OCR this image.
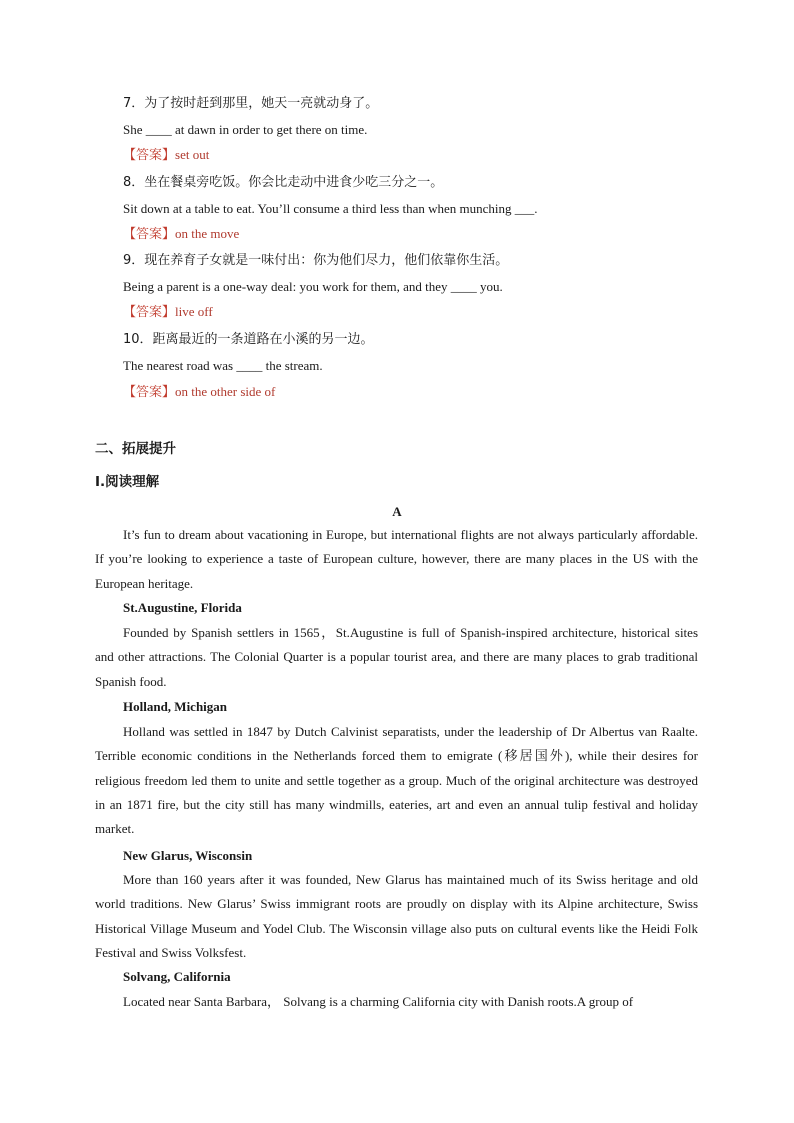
7．为了按时赶到那里，她天一亮就动身了。
She ____ at dawn in order to get there on time.
【答案】set out
8．坐在餐桌旁吃饭。你会比走动中进食少吃三分之一。
Sit down at a table to eat. You’ll consume a third less than when munching ___.
【答案】on the move
9．现在养育子女就是一味付出：你为他们尽力，他们依靠你生活。
Being a parent is a one-way deal: you work for them, and they ____ you.
【答案】live off
10．距离最近的一条道路在小溪的另一边。
The nearest road was ____ the stream.
【答案】on the other side of
二、拓展提升
I.阅读理解
A
It’s fun to dream about vacationing in Europe, but international flights are not always particularly affordable. If you’re looking to experience a taste of European culture, however, there are many places in the US with the European heritage.
St.Augustine, Florida
Founded by Spanish settlers in 1565，St.Augustine is full of Spanish-inspired architecture, historical sites and other attractions. The Colonial Quarter is a popular tourist area, and there are many places to grab traditional Spanish food.
Holland, Michigan
Holland was settled in 1847 by Dutch Calvinist separatists, under the leadership of Dr Albertus van Raalte. Terrible economic conditions in the Netherlands forced them to emigrate (移居国外), while their desires for religious freedom led them to unite and settle together as a group. Much of the original architecture was destroyed in an 1871 fire, but the city still has many windmills, eateries, art and even an annual tulip festival and holiday market.
New Glarus, Wisconsin
More than 160 years after it was founded, New Glarus has maintained much of its Swiss heritage and old world traditions. New Glarus’ Swiss immigrant roots are proudly on display with its Alpine architecture, Swiss Historical Village Museum and Yodel Club. The Wisconsin village also puts on cultural events like the Heidi Folk Festival and Swiss Volksfest.
Solvang, California
Located near Santa Barbara， Solvang is a charming California city with Danish roots.A group of
